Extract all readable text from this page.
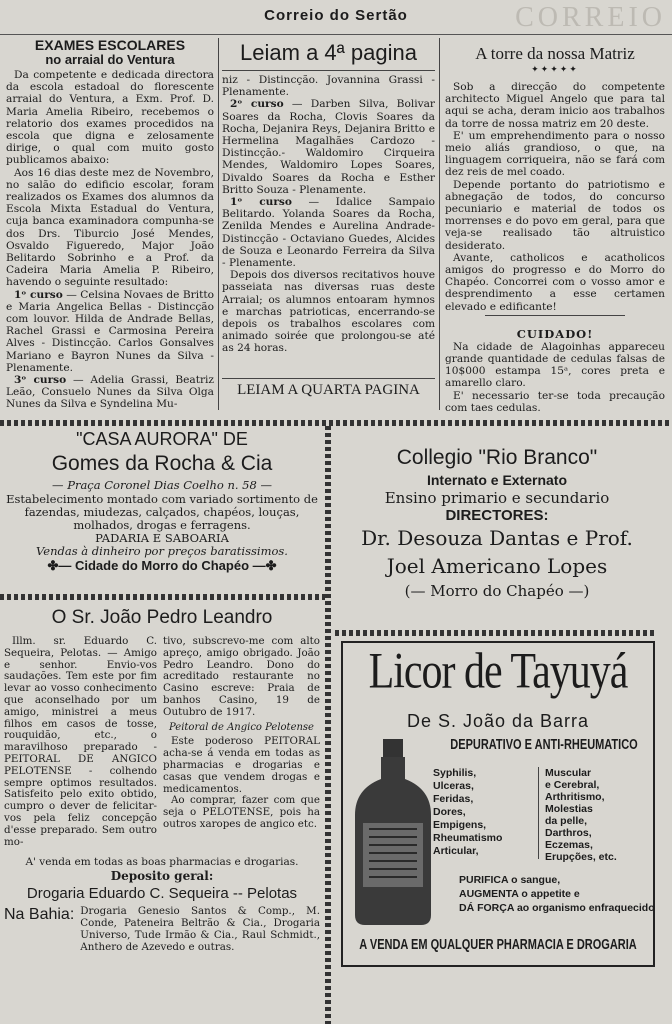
CORREIO
Correio do Sertão
EXAMES ESCOLARES
no arraial do Ventura

Da competente e dedicada directora da escola estadoal do florescente arraial do Ventura, a Exm. Prof. D. Maria Amelia Ribeiro, recebemos o relatorio dos exames procedidos na escola que digna e zelosamente dirige, o qual com muito gosto publicamos abaixo:

Aos 16 dias deste mez de Novembro, no salão do edificio escolar, foram realizados os Exames dos alumnos da Escola Mixta Estadual do Ventura, cuja banca examinadora compunha-se dos Drs. Tiburcio José Mendes, Osvaldo Figueredo, Major João Belitardo Sobrinho e a Prof. da Cadeira Maria Amelia P. Ribeiro, havendo o seguinte resultado:

1ᵒ curso — Celsina Novaes de Britto e Maria Angelica Bellas - Distincção com louvor. Hilda de Andrade Bellas, Rachel Grassi e Carmosina Pereira Alves - Distincção. Carlos Gonsalves Mariano e Bayron Nunes da Silva - Plenamente.

3ᵒ curso — Adelia Grassi, Beatriz Leão, Consuelo Nunes da Silva Olga Nunes da Silva e Syndelina Mu-

Leiam a 4ª pagina

niz - Distincção. Jovannina Grassi - Plenamente.

2ᵒ curso — Darben Silva, Bolivar Soares da Rocha, Clovis Soares da Rocha, Dejanira Reys, Dejanira Britto e Hermelina Magalhães Cardozo - Distincção.- Waldomiro Cirqueira Mendes, Waldomiro Lopes Soares, Divaldo Soares da Rocha e Esther Britto Souza - Plenamente.

1ᵒ curso — Idalice Sampaio Belitardo. Yolanda Soares da Rocha, Zenilda Mendes e Aurelina Andrade-Distincção - Octaviano Guedes, Alcides de Souza e Leonardo Ferreira da Silva - Plenamente.

Depois dos diversos recitativos houve passeiata nas diversas ruas deste Arraial; os alumnos entoaram hymnos e marchas patrioticas, encerrando-se depois os trabalhos escolares com animado soirée que prolongou-se até as 24 horas.

LEIAM A QUARTA PAGINA
A torre da nossa Matriz
✦✦✦✦✦

Sob a direcção do competente architecto Miguel Angelo que para tal aqui se acha, deram inicio aos trabalhos da torre de nossa matriz em 20 deste.

E' um emprehendimento para o nosso meio aliás grandioso, o que, na linguagem corriqueira, não se fará com dez reis de mel coado.

Depende portanto do patriotismo e abnegação de todos, do concurso pecuniario e material de todos os morrenses e do povo em geral, para que veja-se realisado tão altruistico desiderato.

Avante, catholicos e acatholicos amigos do progresso e do Morro do Chapéo. Concorrei com o vosso amor e desprendimento a esse certamen elevado e edificante!

CUIDADO!

Na cidade de Alagoinhas appareceu grande quantidade de cedulas falsas de 10$000 estampa 15ᵃ, cores preta e amarello claro.

E' necessario ter-se toda precaução com taes cedulas.

"CASA AURORA" DE
Gomes da Rocha & Cia
— Praça Coronel Dias Coelho n. 58 —
Estabelecimento montado com variado sortimento de fazendas, miudezas, calçados, chapéos, louças, molhados, drogas e ferragens.
PADARIA E SABOARIA
Vendas à dinheiro por preços baratissimos.
✤— Cidade do Morro do Chapéo —✤
Collegio "Rio Branco"
Internato e Externato
Ensino primario e secundario
DIRECTORES:
Dr. Desouza Dantas e Prof.
Joel Americano Lopes
(— Morro do Chapéo —)
O Sr. João Pedro Leandro

Illm. sr. Eduardo C. Sequeira, Pelotas. — Amigo e senhor. Envio-vos saudações. Tem este por fim levar ao vosso conhecimento que aconselhado por um amigo, ministrei a meus filhos em casos de tosse, rouquidão, etc., o maravilhoso preparado - PEITORAL DE ANGICO PELOTENSE - colhendo sempre optimos resultados. Satisfeito pelo exito obtido, cumpro o dever de felicitar-vos pela feliz concepção d'esse preparado. Sem outro mo-

tivo, subscrevo-me com alto apreço, amigo obrigado. João Pedro Leandro. Dono do acreditado restaurante no Casino escreve: Praia de banhos Casino, 19 de Outubro de 1917.

Peitoral de Angico Pelotense

Este poderoso PEITORAL acha-se á venda em todas as pharmacias e drogarias e casas que vendem drogas e medicamentos.

Ao comprar, fazer com que seja o PELOTENSE, pois ha outros xaropes de angico etc.

A' venda em todas as boas pharmacias e drogarias.
Deposito geral:
Drogaria Eduardo C. Sequeira -- Pelotas
Na Bahia: Drogaria Genesio Santos & Comp., M. Conde, Pateneira Beltrão & Cia., Drogaria Universo, Tude Irmão & Cia., Raul Schmidt., Anthero de Azevedo e outras.
Licor de Tayuyá
De S. João da Barra
DEPURATIVO E ANTI-RHEUMATICO
Syphilis,
Ulceras,
Feridas,
Dores,
Empigens,
Rheumatismo
Articular,
Muscular
e Cerebral,
Arthritismo,
Molestias
da pelle,
Darthros,
Eczemas,
Erupções, etc.
PURIFICA o sangue,
AUGMENTA o appetite e
DÁ FORÇA ao organismo enfraquecido
A VENDA EM QUALQUER PHARMACIA E DROGARIA
